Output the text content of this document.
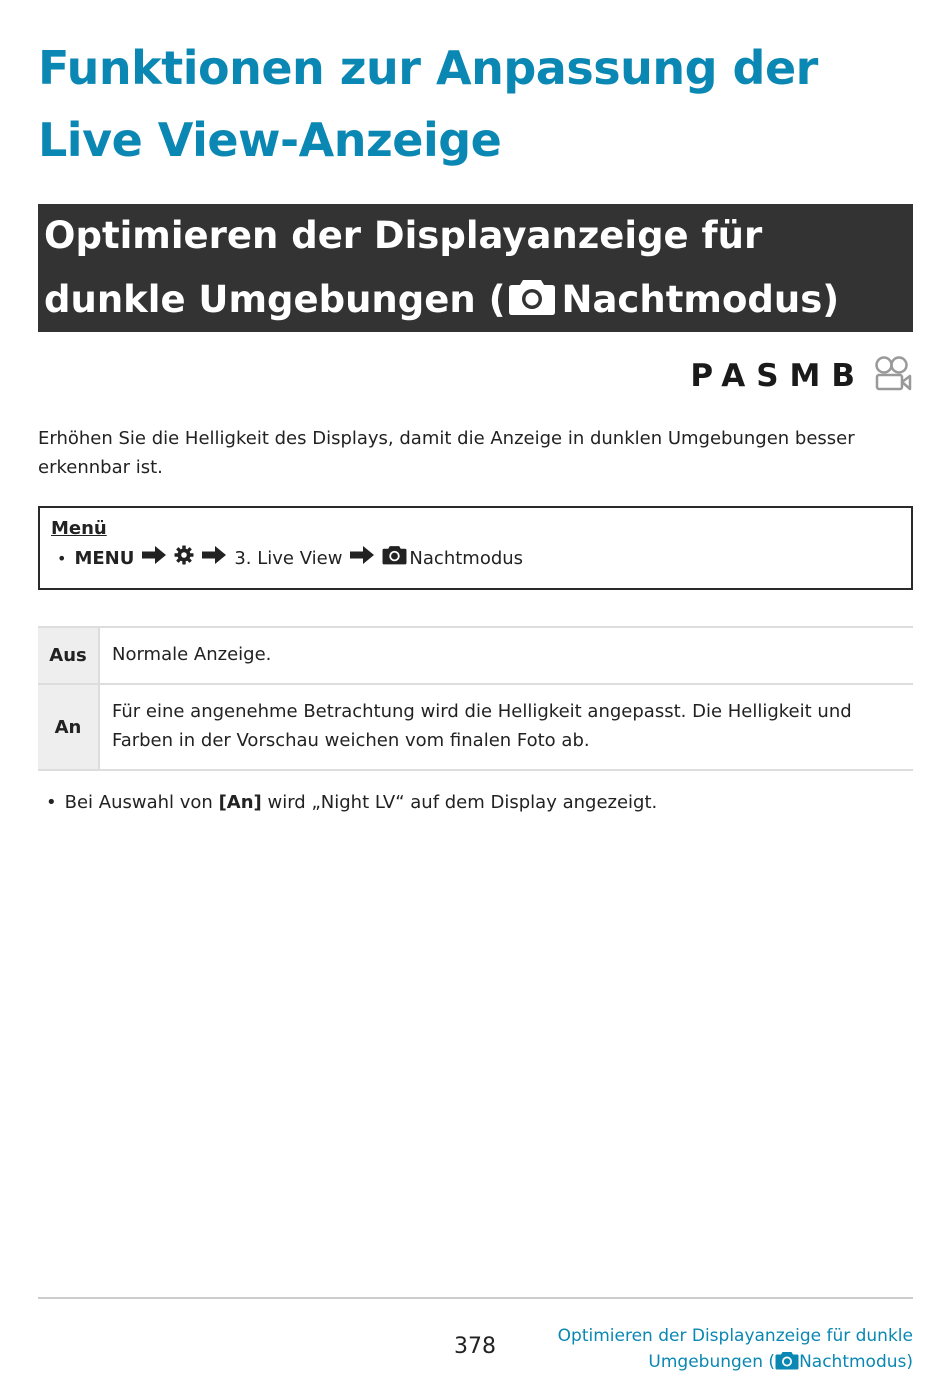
Funktionen zur Anpassung der Live View-Anzeige
Optimieren der Displayanzeige für dunkle Umgebungen ( Nachtmodus)
PASMB

Erhöhen Sie die Helligkeit des Displays, damit die Anzeige in dunklen Umgebungen besser erkennbar ist.

Menü
• MENU	3. Live View	Nachtmodus
Aus	Normale Anzeige.
An	Für eine angenehme Betrachtung wird die Helligkeit angepasst. Die Helligkeit und Farben in der Vorschau weichen vom finalen Foto ab.

• Bei Auswahl von [An] wird „Night LV“ auf dem Display angezeigt.

378	Optimieren der Displayanzeige für dunkle Umgebungen ( Nachtmodus)
